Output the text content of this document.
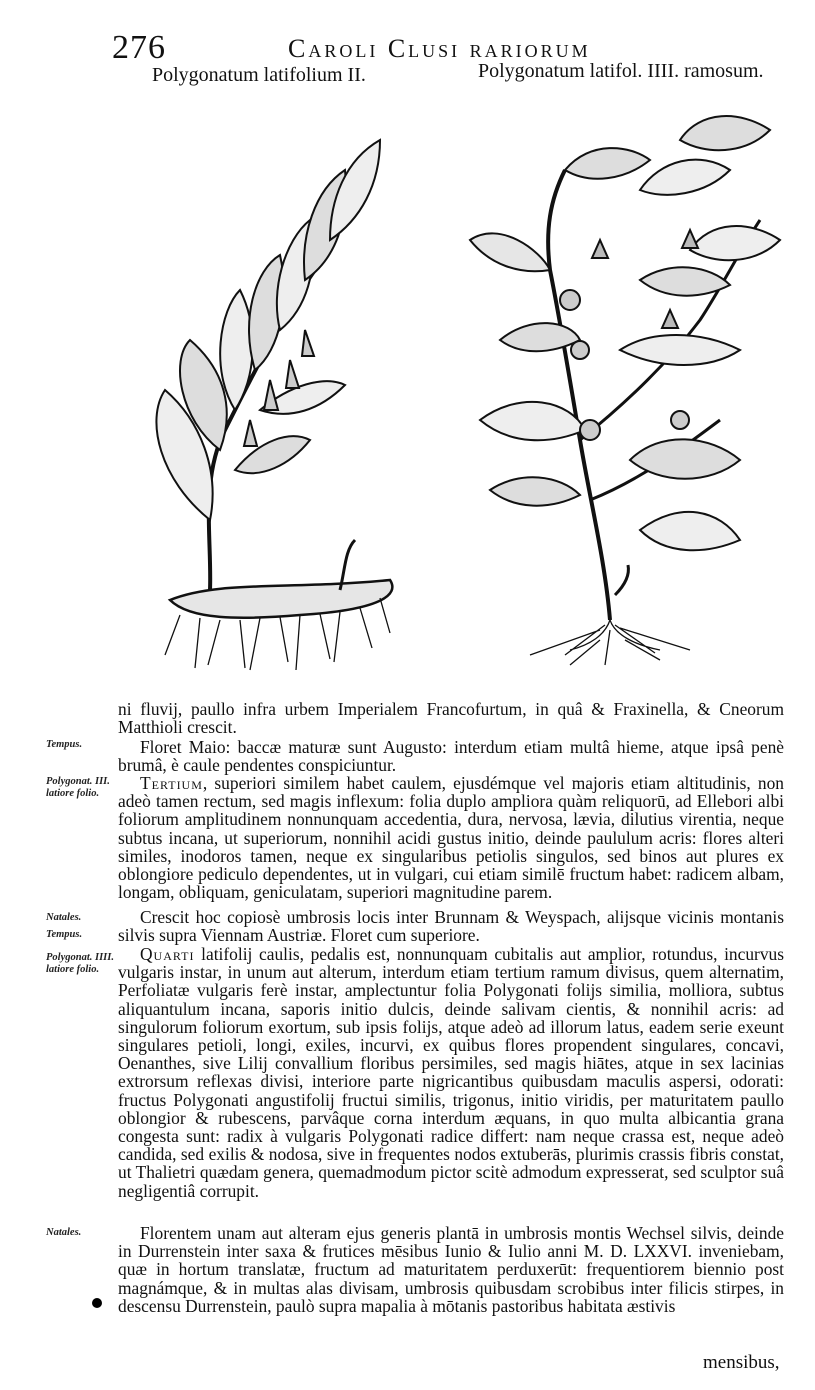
276	Caroli Clusi rariorum
Polygonatum latifolium II.	Polygonatum latifol. IIII. ramosum.
ni fluvij, paullo infra urbem Imperialem Francofurtum, in quâ & Fraxinella, & Cneorum Matthioli crescit.
Floret Maio: baccæ maturæ sunt Augusto: interdum etiam multâ hieme, atque ipsâ penè brumâ, è caule pendentes conspiciuntur.
Tertium, superiori similem habet caulem, ejusdémque vel majoris etiam altitudinis, non adeò tamen rectum, sed magis inflexum: folia duplo ampliora quàm reliquorū, ad Ellebori albi foliorum amplitudinem nonnunquam accedentia, dura, nervosa, lævia, dilutius virentia, neque subtus incana, ut superiorum, nonnihil acidi gustus initio, deinde paululum acris: flores alteri similes, inodoros tamen, neque ex singularibus petiolis singulos, sed binos aut plures ex oblongiore pediculo dependentes, ut in vulgari, cui etiam similē fructum habet: radicem albam, longam, obliquam, geniculatam, superiori magnitudine parem.
Crescit hoc copiosè umbrosis locis inter Brunnam & Weyspach, alijsque vicinis montanis silvis supra Viennam Austriæ. Floret cum superiore.
Quarti latifolij caulis, pedalis est, nonnunquam cubitalis aut amplior, rotundus, incurvus vulgaris instar, in unum aut alterum, interdum etiam tertium ramum divisus, quem alternatim, Perfoliatæ vulgaris ferè instar, amplectuntur folia Polygonati folijs similia, molliora, subtus aliquantulum incana, saporis initio dulcis, deinde salivam cientis, & nonnihil acris: ad singulorum foliorum exortum, sub ipsis folijs, atque adeò ad illorum latus, eadem serie exeunt singulares petioli, longi, exiles, incurvi, ex quibus flores propendent singulares, concavi, Oenanthes, sive Lilij convallium floribus persimiles, sed magis hiātes, atque in sex lacinias extrorsum reflexas divisi, interiore parte nigricantibus quibusdam maculis aspersi, odorati: fructus Polygonati angustifolij fructui similis, trigonus, initio viridis, per maturitatem paullo oblongior & rubescens, parvâque corna interdum æquans, in quo multa albicantia grana congesta sunt: radix à vulgaris Polygonati radice differt: nam neque crassa est, neque adeò candida, sed exilis & nodosa, sive in frequentes nodos extuberās, plurimis crassis fibris constat, ut Thalietri quædam genera, quemadmodum pictor scitè admodum expresserat, sed sculptor suâ negligentiâ corrupit.
Florentem unam aut alteram ejus generis plantā in umbrosis montis Wechsel silvis, deinde in Durrenstein inter saxa & frutices mēsibus Iunio & Iulio anni M. D. LXXVI. inveniebam, quæ in hortum translatæ, fructum ad maturitatem perduxerūt: frequentiorem biennio post magnámque, & in multas alas divisam, umbrosis quibusdam scrobibus inter filicis stirpes, in descensu Durrenstein, paulò supra mapalia à mōtanis pastoribus habitata æstivis
Tempus.
Polygonat. III. latiore folio.
Natales.
Tempus.
Polygonat. IIII. latiore folio.
Natales.
mensibus,
